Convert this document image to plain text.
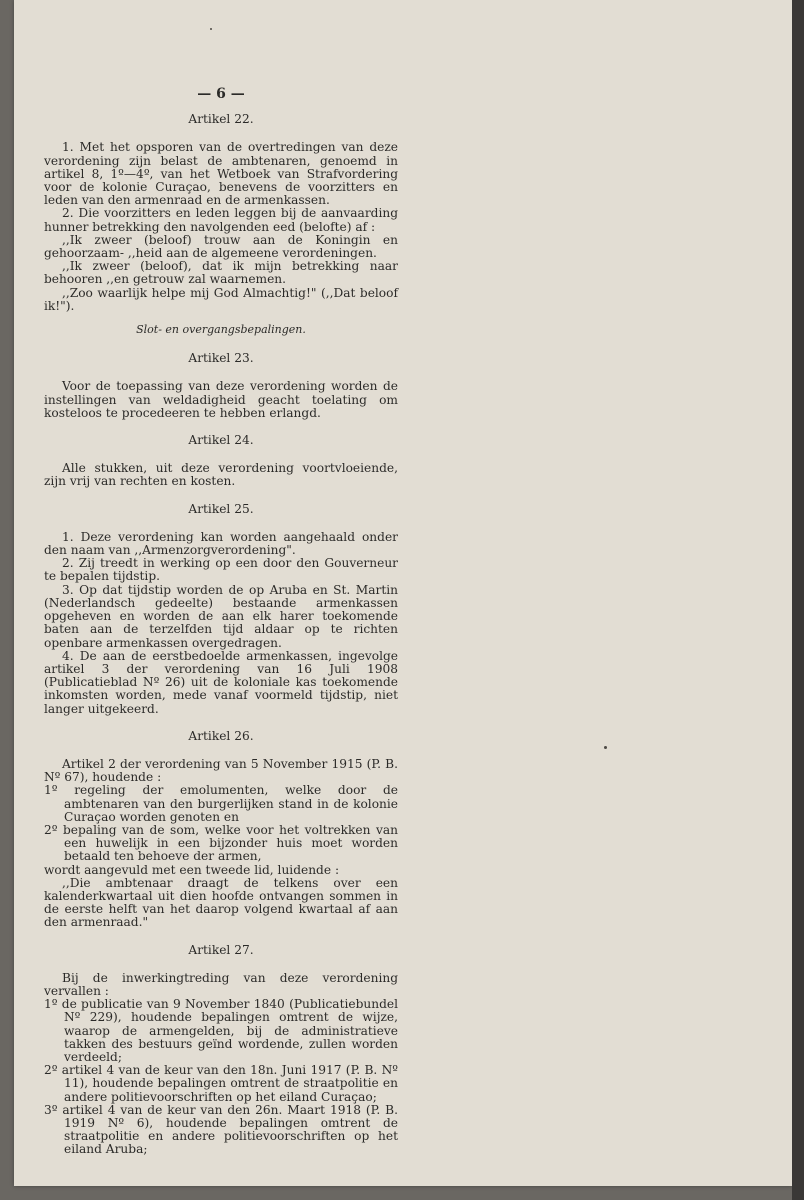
— 6 —
Artikel 22.

1. Met het opsporen van de overtredingen van deze verordening zijn belast de ambtenaren, genoemd in artikel 8, 1º—4º, van het Wetboek van Strafvordering voor de kolonie Curaçao, benevens de voorzitters en leden van den armenraad en de armenkassen.

2. Die voorzitters en leden leggen bij de aanvaarding hunner betrekking den navolgenden eed (belofte) af :

,,Ik zweer (beloof) trouw aan de Koningin en gehoorzaam- ,,heid aan de algemeene verordeningen.

,,Ik zweer (beloof), dat ik mijn betrekking naar behooren ,,en getrouw zal waarnemen.

,,Zoo waarlijk helpe mij God Almachtig!" (,,Dat beloof ik!").

Slot- en overgangsbepalingen.
Artikel 23.

Voor de toepassing van deze verordening worden de instellingen van weldadigheid geacht toelating om kosteloos te procedeeren te hebben erlangd.

Artikel 24.

Alle stukken, uit deze verordening voortvloeiende, zijn vrij van rechten en kosten.

Artikel 25.

1. Deze verordening kan worden aangehaald onder den naam van ,,Armenzorgverordening".

2. Zij treedt in werking op een door den Gouverneur te bepalen tijdstip.

3. Op dat tijdstip worden de op Aruba en St. Martin (Nederlandsch gedeelte) bestaande armenkassen opgeheven en worden de aan elk harer toekomende baten aan de terzelfden tijd aldaar op te richten openbare armenkassen overgedragen.

4. De aan de eerstbedoelde armenkassen, ingevolge artikel 3 der verordening van 16 Juli 1908 (Publicatieblad Nº 26) uit de koloniale kas toekomende inkomsten worden, mede vanaf voormeld tijdstip, niet langer uitgekeerd.

Artikel 26.

Artikel 2 der verordening van 5 November 1915 (P. B. Nº 67), houdende :

1º regeling der emolumenten, welke door de ambtenaren van den burgerlijken stand in de kolonie Curaçao worden genoten en

2º bepaling van de som, welke voor het voltrekken van een huwelijk in een bijzonder huis moet worden betaald ten behoeve der armen,

wordt aangevuld met een tweede lid, luidende :

,,Die ambtenaar draagt de telkens over een kalenderkwartaal uit dien hoofde ontvangen sommen in de eerste helft van het daarop volgend kwartaal af aan den armenraad."

Artikel 27.

Bij de inwerkingtreding van deze verordening vervallen :

1º de publicatie van 9 November 1840 (Publicatiebundel Nº 229), houdende bepalingen omtrent de wijze, waarop de armengelden, bij de administratieve takken des bestuurs geïnd wordende, zullen worden verdeeld;

2º artikel 4 van de keur van den 18n. Juni 1917 (P. B. Nº 11), houdende bepalingen omtrent de straatpolitie en andere politievoorschriften op het eiland Curaçao;

3º artikel 4 van de keur van den 26n. Maart 1918 (P. B. 1919 Nº 6), houdende bepalingen omtrent de straatpolitie en andere politievoorschriften op het eiland Aruba;
